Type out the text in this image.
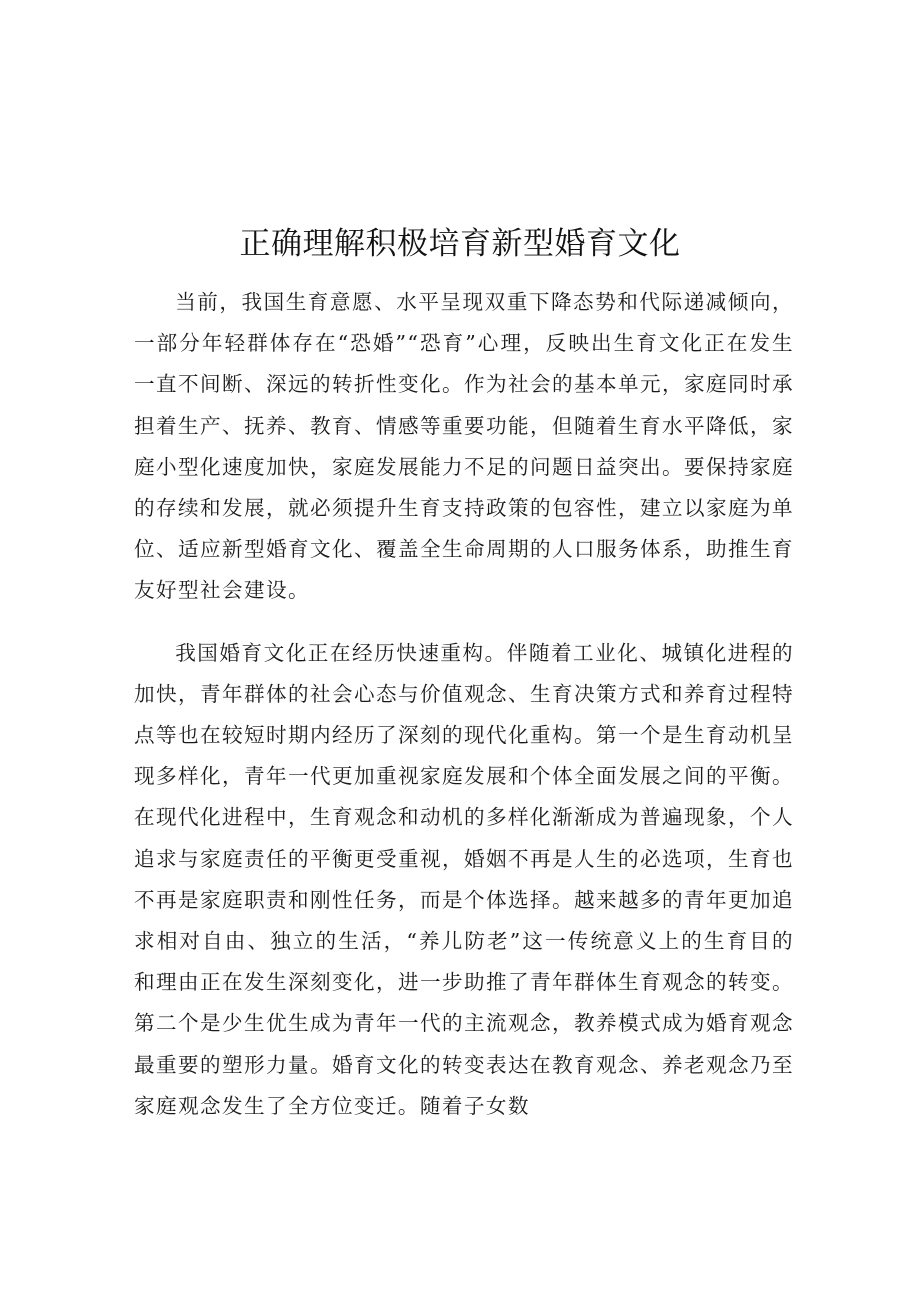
正确理解积极培育新型婚育文化

当前，我国生育意愿、水平呈现双重下降态势和代际递减倾向，一部分年轻群体存在“恐婚”“恐育”心理，反映出生育文化正在发生一直不间断、深远的转折性变化。作为社会的基本单元，家庭同时承担着生产、抚养、教育、情感等重要功能，但随着生育水平降低，家庭小型化速度加快，家庭发展能力不足的问题日益突出。要保持家庭的存续和发展，就必须提升生育支持政策的包容性，建立以家庭为单位、适应新型婚育文化、覆盖全生命周期的人口服务体系，助推生育友好型社会建设。

我国婚育文化正在经历快速重构。伴随着工业化、城镇化进程的加快，青年群体的社会心态与价值观念、生育决策方式和养育过程特点等也在较短时期内经历了深刻的现代化重构。第一个是生育动机呈现多样化，青年一代更加重视家庭发展和个体全面发展之间的平衡。在现代化进程中，生育观念和动机的多样化渐渐成为普遍现象，个人追求与家庭责任的平衡更受重视，婚姻不再是人生的必选项，生育也不再是家庭职责和刚性任务，而是个体选择。越来越多的青年更加追求相对自由、独立的生活，“养儿防老”这一传统意义上的生育目的和理由正在发生深刻变化，进一步助推了青年群体生育观念的转变。第二个是少生优生成为青年一代的主流观念，教养模式成为婚育观念最重要的塑形力量。婚育文化的转变表达在教育观念、养老观念乃至家庭观念发生了全方位变迁。随着子女数
